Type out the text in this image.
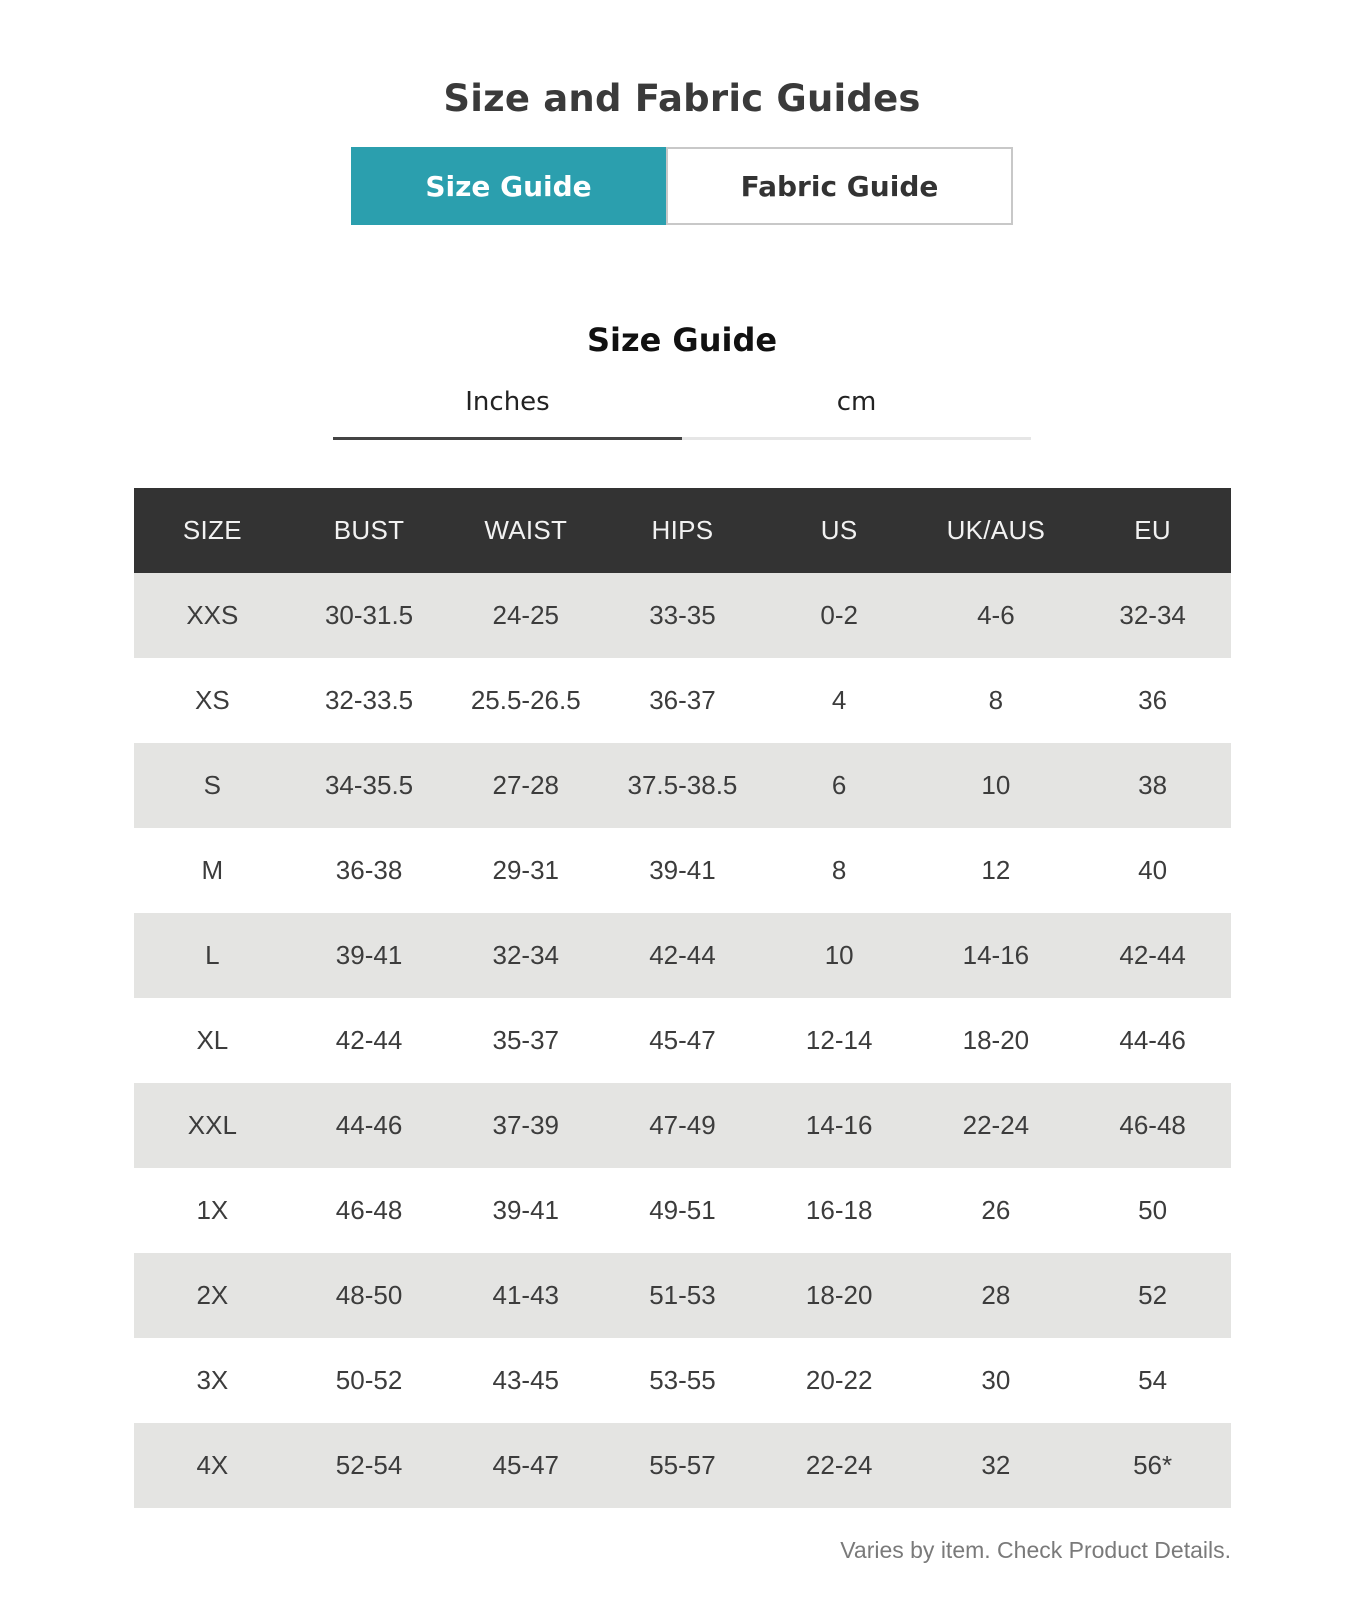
Size and Fabric Guides
Size Guide	Fabric Guide
Size Guide
Inches	cm
SIZE	BUST	WAIST	HIPS	US	UK/AUS	EU
XXS	30-31.5	24-25	33-35	0-2	4-6	32-34
XS	32-33.5	25.5-26.5	36-37	4	8	36
S	34-35.5	27-28	37.5-38.5	6	10	38
M	36-38	29-31	39-41	8	12	40
L	39-41	32-34	42-44	10	14-16	42-44
XL	42-44	35-37	45-47	12-14	18-20	44-46
XXL	44-46	37-39	47-49	14-16	22-24	46-48
1X	46-48	39-41	49-51	16-18	26	50
2X	48-50	41-43	51-53	18-20	28	52
3X	50-52	43-45	53-55	20-22	30	54
4X	52-54	45-47	55-57	22-24	32	56*
Varies by item. Check Product Details.
